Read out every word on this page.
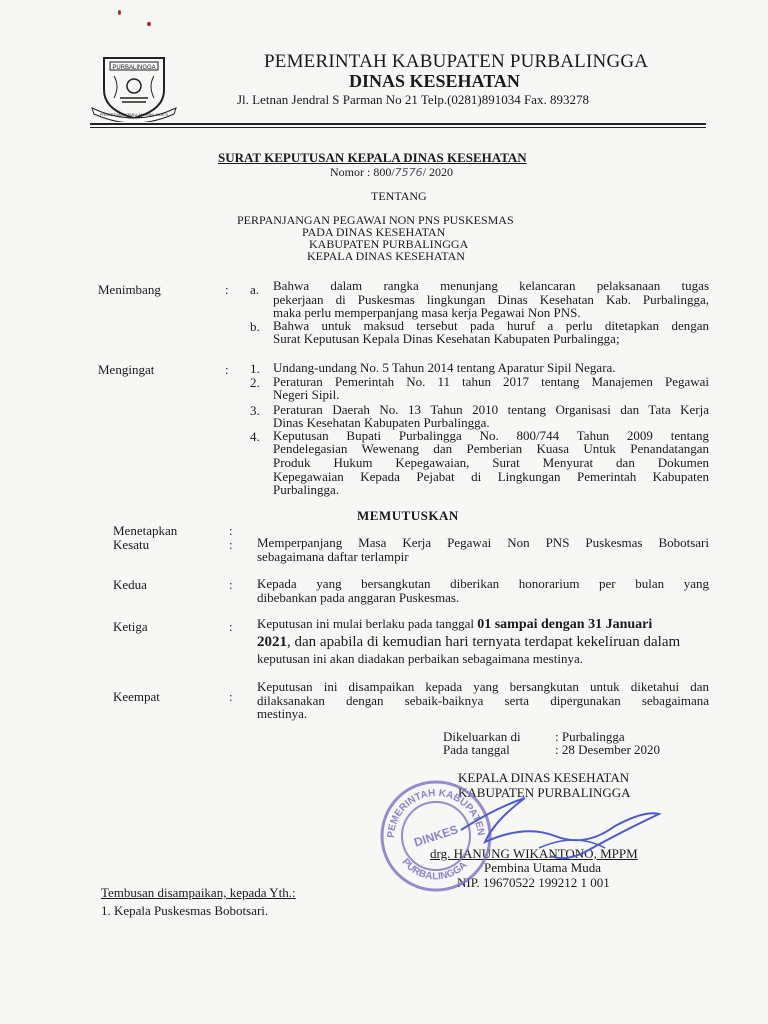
PURBALINGGA
PRASETYA ANTAKU ANTEBIL MUKTI
PEMERINTAH KABUPATEN PURBALINGGA
DINAS KESEHATAN
Jl. Letnan Jendral S Parman No 21 Telp.(0281)891034 Fax. 893278
SURAT KEPUTUSAN KEPALA DINAS KESEHATAN
Nomor : 800/7576/ 2020
TENTANG
PERPANJANGAN PEGAWAI NON PNS PUSKESMAS
PADA DINAS KESEHATAN
KABUPATEN PURBALINGGA
KEPALA DINAS KESEHATAN
Menimbang	: a. Bahwa dalam rangka menunjang kelancaran pelaksanaan tugas
pekerjaan di Puskesmas lingkungan Dinas Kesehatan Kab. Purbalingga,
maka perlu memperpanjang masa kerja Pegawai Non PNS.
b. Bahwa untuk maksud tersebut pada huruf a perlu ditetapkan dengan
Surat Keputusan Kepala Dinas Kesehatan Kabupaten Purbalingga;
Mengingat	: 1. Undang-undang No. 5 Tahun 2014 tentang Aparatur Sipil Negara.
2. Peraturan Pemerintah No. 11 tahun 2017 tentang Manajemen Pegawai
Negeri Sipil.
3. Peraturan Daerah No. 13 Tahun 2010 tentang Organisasi dan Tata Kerja
Dinas Kesehatan Kabupaten Purbalingga.
4. Keputusan Bupati Purbalingga No. 800/744 Tahun 2009 tentang
Pendelegasian Wewenang dan Pemberian Kuasa Untuk Penandatangan
Produk Hukum Kepegawaian, Surat Menyurat dan Dokumen
Kepegawaian Kepada Pejabat di Lingkungan Pemerintah Kabupaten
Purbalingga.
MEMUTUSKAN
Menetapkan	:
Kesatu	: Memperpanjang Masa Kerja Pegawai Non PNS Puskesmas Bobotsari
sebagaimana daftar terlampir
Kedua	: Kepada yang bersangkutan diberikan honorarium per bulan yang
dibebankan pada anggaran Puskesmas.
Ketiga	: Keputusan ini mulai berlaku pada tanggal 01 sampai dengan 31 Januari
2021, dan apabila di kemudian hari ternyata terdapat kekeliruan dalam
keputusan ini akan diadakan perbaikan sebagaimana mestinya.
Keempat	:
Keputusan ini disampaikan kepada yang bersangkutan untuk diketahui dan
dilaksanakan dengan sebaik-baiknya serta dipergunakan sebagaimana
mestinya.
Dikeluarkan di	: Purbalingga
Pada tanggal	: 28 Desember 2020
KEPALA DINAS KESEHATAN
KABUPATEN PURBALINGGA
drg. HANUNG WIKANTONO, MPPM
Pembina Utama Muda
NIP. 19670522 199212 1 001
PEMERINTAH KABUPATEN
DINKES
PURBALINGGA
Tembusan disampaikan, kepada Yth.:
1. Kepala Puskesmas Bobotsari.
